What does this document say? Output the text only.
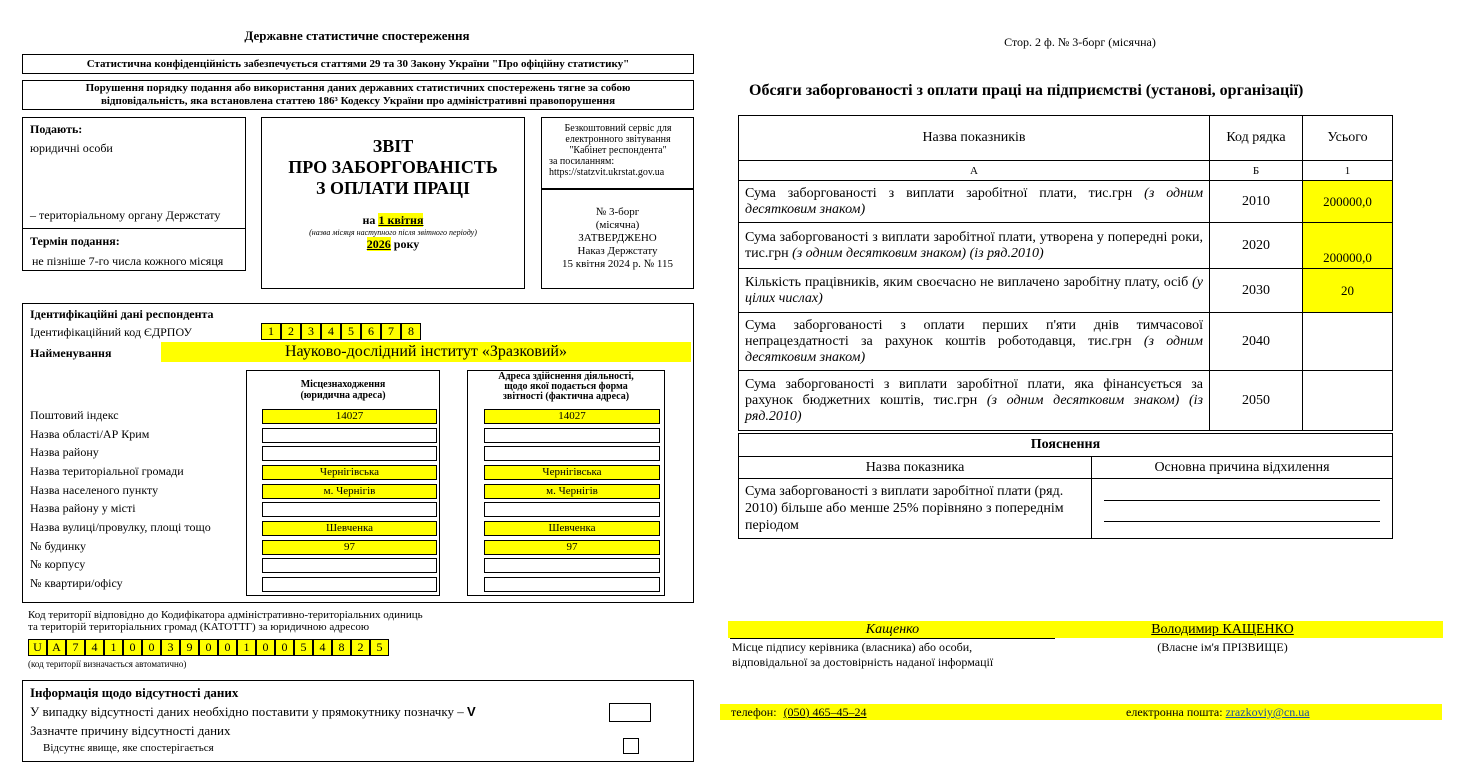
Державне статистичне спостереження
Статистична конфіденційність забезпечується статтями 29 та 30 Закону України "Про офіційну статистику"
Порушення порядку подання або використання даних державних статистичних спостережень тягне за собою
відповідальність, яка встановлена статтею 186³ Кодексу України про адміністративні правопорушення
Подають:
юридичні особи
– територіальному органу Держстату
Термін подання:
не пізніше 7-го числа кожного місяця
ЗВІТ
ПРО ЗАБОРГОВАНІСТЬ
З ОПЛАТИ ПРАЦІ
на 1 квітня
(назва місяця наступного після звітного періоду)
2026 року
Безкоштовний сервіс для
електронного звітування
"Кабінет респондента"
за посиланням:
https://statzvit.ukrstat.gov.ua
№ 3-борг
(місячна)
ЗАТВЕРДЖЕНО
Наказ Держстату
15 квітня 2024 р. № 115
Ідентифікаційні дані респондента
Ідентифікаційний код ЄДРПОУ	1	2	3	4	5	6	7	8
Найменування	Науково-дослідний інститут «Зразковий»
Місцезнаходження
(юридична адреса)
Адреса здійснення діяльності,
щодо якої подається форма
звітності (фактична адреса)
Поштовий індекс	14027	14027
Назва області/АР Крим
Назва району
Назва територіальної громади	Чернігівська	Чернігівська
Назва населеного пункту	м. Чернігів	м. Чернігів
Назва району у місті
Назва вулиці/провулку, площі тощо	Шевченка	Шевченка
№ будинку	97	97
№ корпусу
№ квартири/офісу
Код території відповідно до Кодифікатора адміністративно-територіальних одиниць
та територій територіальних громад (КАТОТТГ) за юридичною адресою
U A 7	4	1	0	0	3	9	0	0	1	0	0	5	4	8	2	5
(код території визначається автоматично)
Інформація щодо відсутності даних
У випадку відсутності даних необхідно поставити у прямокутнику позначку – V
Зазначте причину відсутності даних
Відсутнє явище, яке спостерігається
Стор. 2 ф. № 3-борг (місячна)
Обсяги заборгованості з оплати праці на підприємстві (установі, організації)
Назва показників	Код рядка	Усього
А	Б	1
Сума заборгованості з виплати заробітної плати, тис.грн (з одним десятковим знаком)	2010	200000,0
Сума заборгованості з виплати заробітної плати, утворена у попередні роки, тис.грн (з одним десятковим знаком) (із ряд.2010)	2020	200000,0
Кількість працівників, яким своєчасно не виплачено заробітну плату, осіб (у цілих числах)	2030	20
Сума заборгованості з оплати перших п'яти днів тимчасової непрацездатності за рахунок коштів роботодавця, тис.грн (з одним десятковим знаком)	2040	
Сума заборгованості з виплати заробітної плати, яка фінансується за рахунок бюджетних коштів, тис.грн (з одним десятковим знаком) (із ряд.2010)	2050	
Пояснення	
Назва показника	Основна причина відхилення
Сума заборгованості з виплати заробітної плати (ряд. 2010) більше або менше 25% порівняно з попереднім періодом	
Кащенко	Володимир КАЩЕНКО
Місце підпису керівника (власника) або особи,
відповідальної за достовірність наданої інформації
(Власне ім'я ПРІЗВИЩЕ)
телефон: (050) 465–45–24	електронна пошта: zrazkoviy@cn.ua
